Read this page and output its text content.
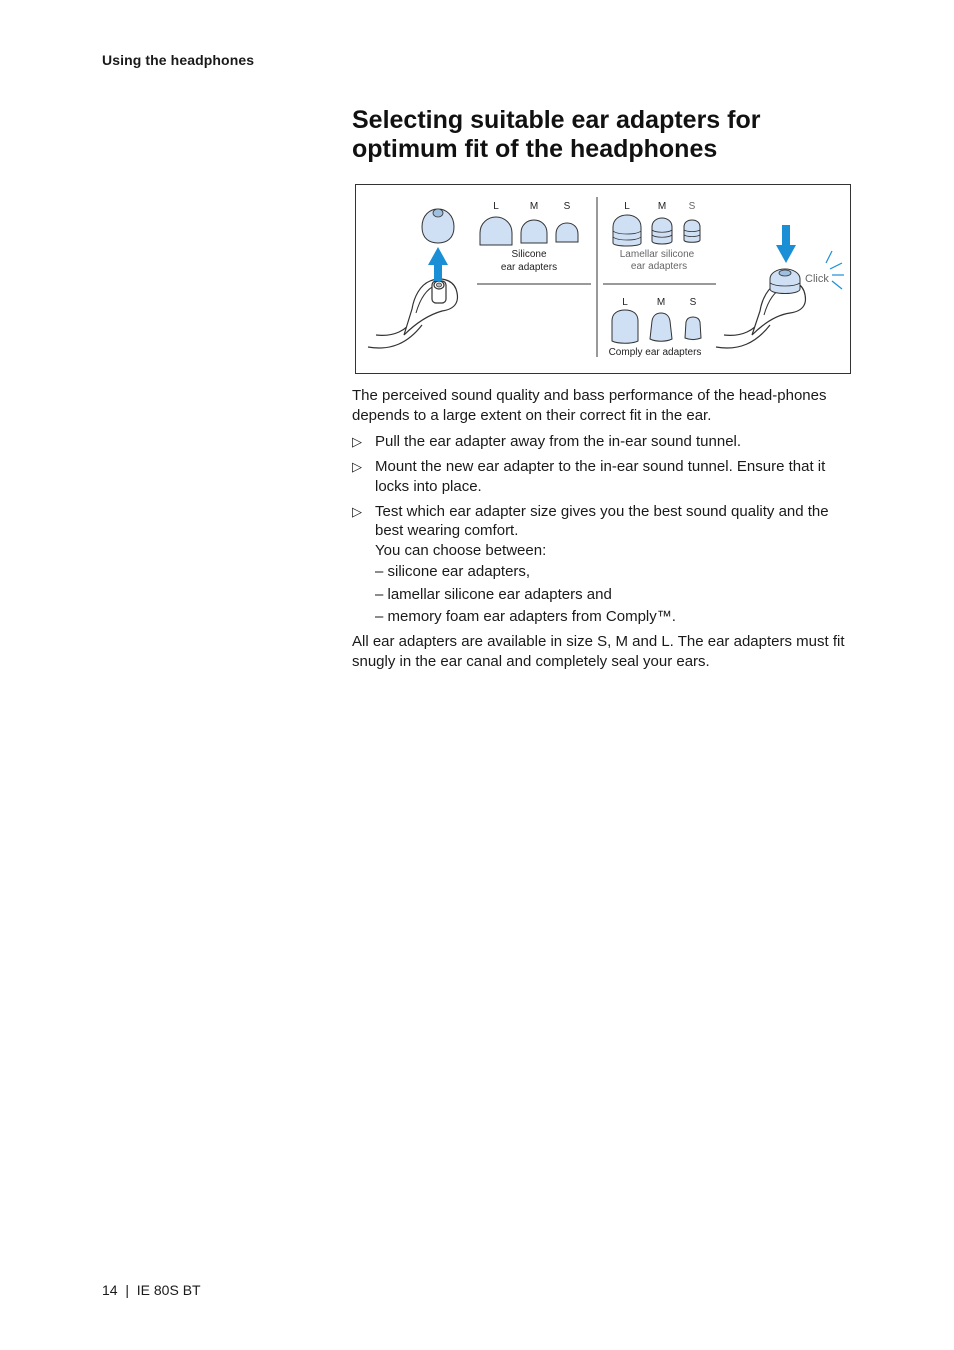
Using the headphones
Selecting suitable ear adapters for optimum fit of the headphones
L	M	S
Silicone
ear adapters
L	M S
Lamellar silicone
ear adapters
L	M S
Comply ear adapters
Click

The perceived sound quality and bass performance of the head-phones depends to a large extent on their correct fit in the ear.

▷ Pull the ear adapter away from the in-ear sound tunnel.
▷ Mount the new ear adapter to the in-ear sound tunnel. Ensure that it locks into place.
▷ Test which ear adapter size gives you the best sound quality and the best wearing comfort.
You can choose between:
– silicone ear adapters,
– lamellar silicone ear adapters and
– memory foam ear adapters from Comply™.

All ear adapters are available in size S, M and L. The ear adapters must fit snugly in the ear canal and completely seal your ears.

14 | IE 80S BT
